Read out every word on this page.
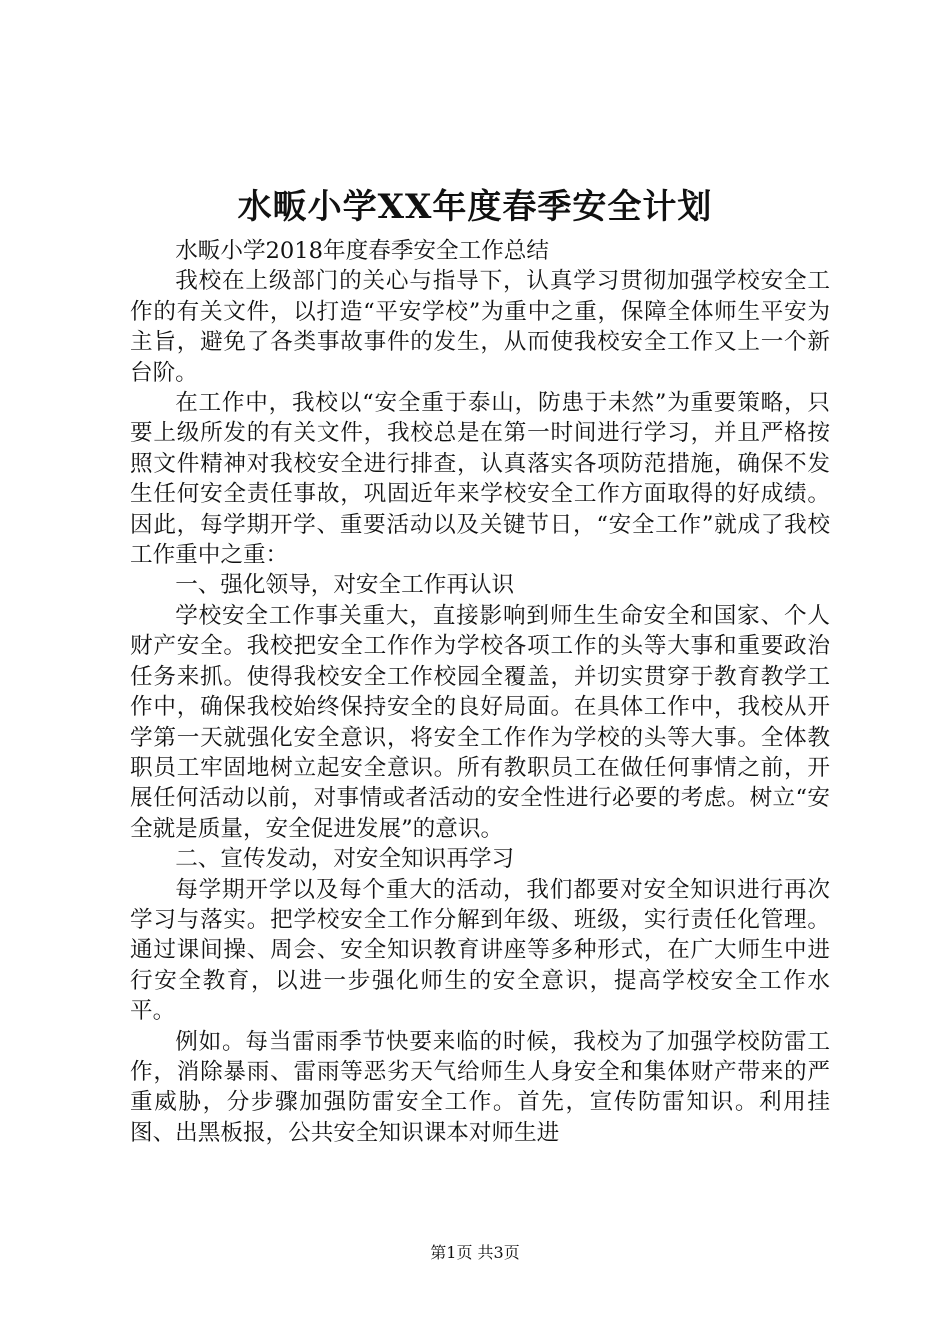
水畈小学XX年度春季安全计划

水畈小学2018年度春季安全工作总结

我校在上级部门的关心与指导下，认真学习贯彻加强学校安全工作的有关文件，以打造“平安学校”为重中之重，保障全体师生平安为主旨，避免了各类事故事件的发生，从而使我校安全工作又上一个新台阶。

在工作中，我校以“安全重于泰山，防患于未然”为重要策略，只要上级所发的有关文件，我校总是在第一时间进行学习，并且严格按照文件精神对我校安全进行排查，认真落实各项防范措施，确保不发生任何安全责任事故，巩固近年来学校安全工作方面取得的好成绩。因此，每学期开学、重要活动以及关键节日，“安全工作”就成了我校工作重中之重：

一、强化领导，对安全工作再认识

学校安全工作事关重大，直接影响到师生生命安全和国家、个人财产安全。我校把安全工作作为学校各项工作的头等大事和重要政治任务来抓。使得我校安全工作校园全覆盖，并切实贯穿于教育教学工作中，确保我校始终保持安全的良好局面。在具体工作中，我校从开学第一天就强化安全意识，将安全工作作为学校的头等大事。全体教职员工牢固地树立起安全意识。所有教职员工在做任何事情之前，开展任何活动以前，对事情或者活动的安全性进行必要的考虑。树立“安全就是质量，安全促进发展”的意识。

二、宣传发动，对安全知识再学习

每学期开学以及每个重大的活动，我们都要对安全知识进行再次学习与落实。把学校安全工作分解到年级、班级，实行责任化管理。通过课间操、周会、安全知识教育讲座等多种形式，在广大师生中进行安全教育，以进一步强化师生的安全意识，提高学校安全工作水平。

例如。每当雷雨季节快要来临的时候，我校为了加强学校防雷工作，消除暴雨、雷雨等恶劣天气给师生人身安全和集体财产带来的严重威胁，分步骤加强防雷安全工作。首先，宣传防雷知识。利用挂图、出黑板报，公共安全知识课本对师生进

第1页 共3页
